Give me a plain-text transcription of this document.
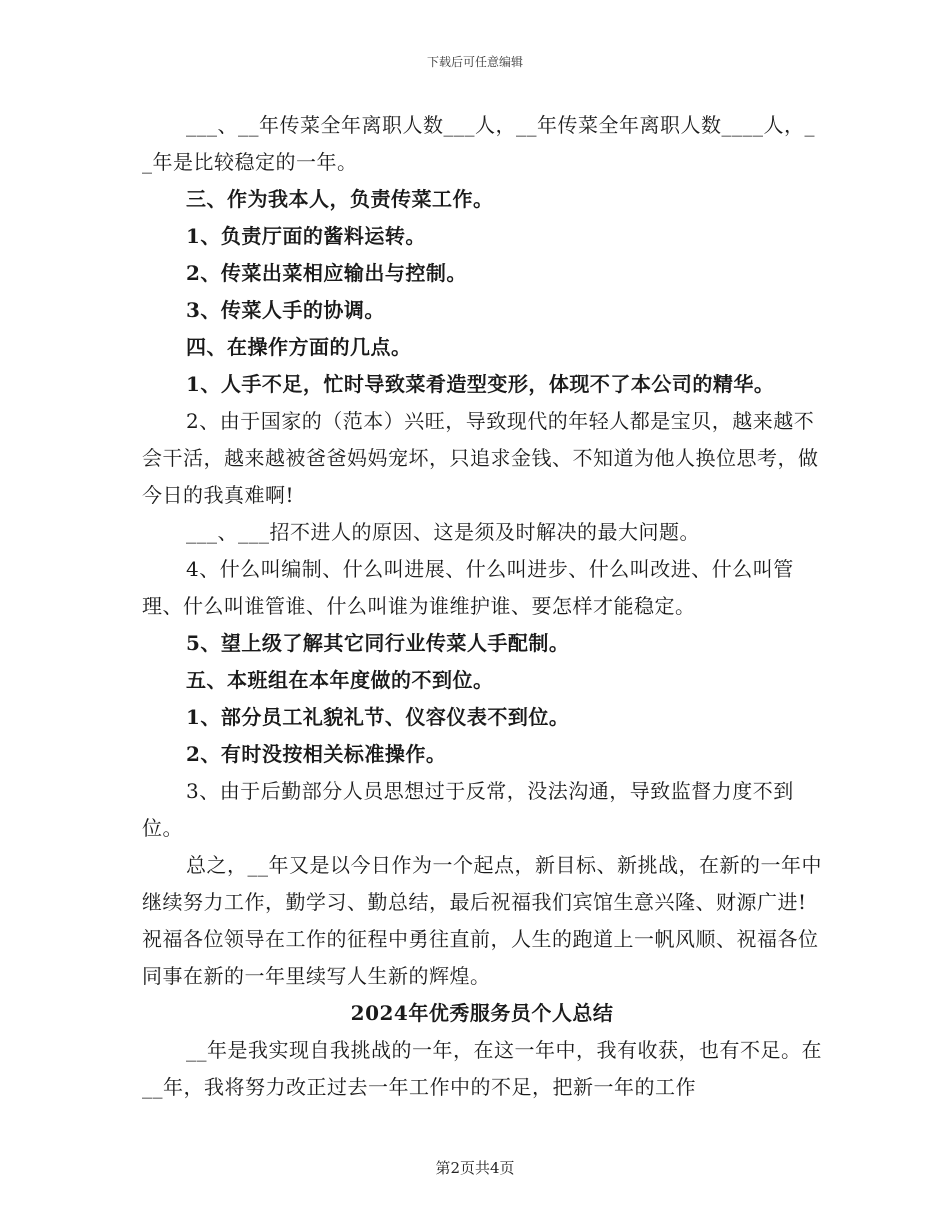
下载后可任意编辑

___、__年传菜全年离职人数___人，__年传菜全年离职人数____人，__年是比较稳定的一年。

三、作为我本人，负责传菜工作。

1、负责厅面的酱料运转。

2、传菜出菜相应输出与控制。

3、传菜人手的协调。

四、在操作方面的几点。

1、人手不足，忙时导致菜肴造型变形，体现不了本公司的精华。

2、由于国家的（范本）兴旺，导致现代的年轻人都是宝贝，越来越不会干活，越来越被爸爸妈妈宠坏，只追求金钱、不知道为他人换位思考，做今日的我真难啊!

___、___招不进人的原因、这是须及时解决的最大问题。

4、什么叫编制、什么叫进展、什么叫进步、什么叫改进、什么叫管理、什么叫谁管谁、什么叫谁为谁维护谁、要怎样才能稳定。

5、望上级了解其它同行业传菜人手配制。

五、本班组在本年度做的不到位。

1、部分员工礼貌礼节、仪容仪表不到位。

2、有时没按相关标准操作。

3、由于后勤部分人员思想过于反常，没法沟通，导致监督力度不到位。

总之，__年又是以今日作为一个起点，新目标、新挑战，在新的一年中继续努力工作，勤学习、勤总结，最后祝福我们宾馆生意兴隆、财源广进!祝福各位领导在工作的征程中勇往直前，人生的跑道上一帆风顺、祝福各位同事在新的一年里续写人生新的辉煌。

2024年优秀服务员个人总结

__年是我实现自我挑战的一年，在这一年中，我有收获，也有不足。在__年，我将努力改正过去一年工作中的不足，把新一年的工作

第2页共4页
